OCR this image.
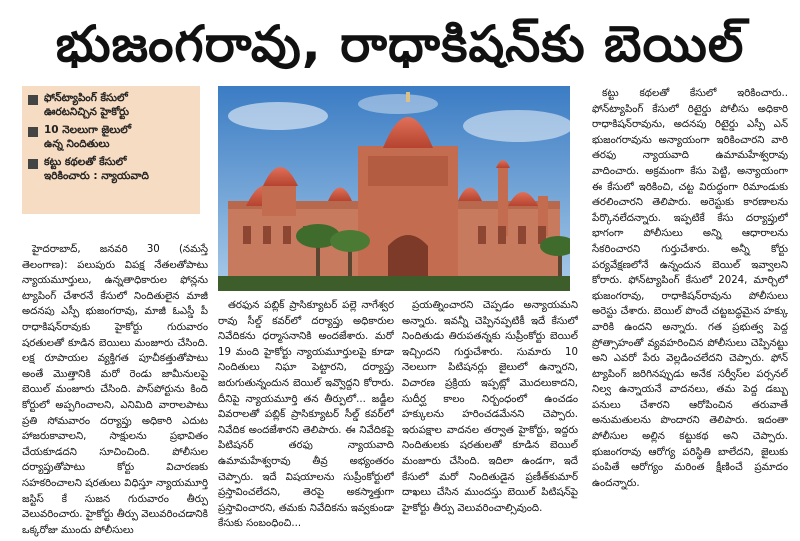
భుజంగరావు, రాధాకిషన్‌కు బెయిల్‌
ఫోన్‌ట్యాపింగ్‌ కేసులో
ఊరటనిచ్చిన హైకోర్టు
10 నెలలుగా జైలులో
ఉన్న నిందితులు
కట్టు కథలతో కేసులో
ఇరికించారు : న్యాయవాది

హైదరాబాద్‌, జనవరి 30 (నమస్తే తెలంగాణ): పలుపురు విపక్ష నేతలతోపాటు న్యాయమూర్తులు, ఉన్నతాధికారుల ఫోన్లను ట్యాపింగ్‌ చేశారనే కేసులో నిందితులైన మాజీ అదనపు ఎస్పీ భుజంగరావు, మాజీ ఓఎస్డీ పీ రాధాకిషన్‌రావుకు హైకోర్టు గురువారం షరతులతో కూడిన బెయిలు మంజూరు చేసింది. లక్ష రూపాయల వ్యక్తిగత పూచీకత్తుతోపాటు అంతే మొత్తానికి మరో రెండు జామీనులపై బెయిల్‌ మంజూరు చేసింది. పాస్‌పోర్టును కింది కోర్టులో అప్పగించాలని, ఎనిమిది వారాలపాటు ప్రతి సోమవారం దర్యాప్తు అధికారి ఎదుట హాజరుకావాలని, సాక్షులను ప్రభావితం చేయకూడదని సూచించింది. పోలీసుల దర్యాప్తుతోపాటు కోర్టు విచారణకు సహకరించాలని షరతులు విధిస్తూ న్యాయమూర్తి జస్టిస్‌ కే సుజన గురువారం తీర్పు వెలువరించారు. హైకోర్టు తీర్పు వెలువరించడానికి ఒక్కరోజు ముందు పోలీసులు

తరఫున పబ్లిక్‌ ప్రాసిక్యూటర్‌ పల్లె నాగేశ్వర రావు సీల్డ్‌ కవర్‌లో దర్యాప్తు అధికారుల నివేదికను ధర్మాసనానికి అందజేశారు. మరో 19 మంది హైకోర్టు న్యాయమూర్తులపై కూడా నిందితులు నిఘా పెట్టారని, దర్యాప్తు జరుగుతున్నందున బెయిల్‌ ఇవ్వొద్దని కోరారు. దీనిపై న్యాయమూర్తి తన తీర్పులో... జడ్జీల వివరాలతో పబ్లిక్‌ ప్రాసిక్యూటర్‌ సీల్డ్‌ కవర్‌లో నివేదిక అందజేశారని తెలిపారు. ఈ నివేదికపై పిటిషనర్‌ తరఫు న్యాయవాది ఉమామహేశ్వరావు తీవ్ర అభ్యంతరం చెప్పారు. ఇదే విషయాలను సుప్రీంకోర్టులో ప్రస్తావించలేదని, తెరపై అకస్మాత్తుగా ప్రస్తావించారని, తమకు నివేదికను ఇవ్వకుండా కేసుకు సంబంధించి...

ప్రయత్నించారని చెప్పడం అన్యాయమని అన్నారు. ఇవన్నీ చెప్పినప్పటికీ ఇదే కేసులో నిందితుడు తిరుపతన్నకు సుప్రీంకోర్టు బెయిల్‌ ఇచ్చిందని గుర్తుచేశారు. సుమారు 10 నెలలుగా పిటిషనర్లు జైలులో ఉన్నారని, విచారణ ప్రక్రియ ఇప్పట్లో మొదలుకాదని, సుదీర్ఘ కాలం నిర్బంధంలో ఉంచడం హక్కులను హరించడమేనని చెప్పారు. ఇరుపక్షాల వాదనల తర్వాత హైకోర్టు, ఇద్దరు నిందితులకు షరతులతో కూడిన బెయిల్‌ మంజూరు చేసింది. ఇదిలా ఉండగా, ఇదే కేసులో మరో నిందితుడైన ప్రణీత్‌కుమార్‌ దాఖలు చేసిన ముందస్తు బెయిల్‌ పిటిషన్‌పై హైకోర్టు తీర్పు వెలువరించాల్సివుంది.

కట్టు కథలతో కేసులో ఇరికించారు.. ఫోన్‌ట్యాపింగ్‌ కేసులో రిటైర్డు పోలీసు అధికారి రాధాకిషన్‌రావును, అదనపు రిటైర్డు ఎస్పీ ఎన్‌ భుజంగరావును అన్యాయంగా ఇరికించారని వారి తరఫు న్యాయవాది ఉమామహేశ్వరావు వాదించారు. అక్రమంగా కేసు పెట్టి, అన్యాయంగా ఈ కేసులో ఇరికించి, చట్ట విరుద్ధంగా రిమాండుకు తరలించారని తెలిపారు. అరెస్టుకు కారణాలను పేర్కొనలేదన్నారు. ఇప్పటికే కేసు దర్యాప్తులో భాగంగా పోలీసులు అన్ని ఆధారాలను సేకరించారని గుర్తుచేశారు. అన్నీ కోర్టు పర్యవేక్షణలోనే ఉన్నందున బెయిల్‌ ఇవ్వాలని కోరారు. ఫోన్‌ట్యాపింగ్‌ కేసులో 2024, మార్చిలో భుజంగరావు, రాధాకిషన్‌రావును పోలీసులు అరెస్టు చేశారు. బెయిల్‌ పొందే చట్టబద్ధమైన హక్కు వారికి ఉందని అన్నారు. గత ప్రభుత్వ పెద్ద ప్రోత్సాహంతో వ్యవహరించిన పోలీసులు చెప్పినట్టు అని ఎవరో పేరు వెల్లడించలేదని చెప్పారు. ఫోన్‌ ట్యాపింగ్‌ జరిగినప్పుడు అనేక సర్వీస్‌ల పర్సనల్‌ నిల్వ ఉన్నాయనే వాదనలు, తమ పెద్ద డబ్బు పనులు చేశారని ఆరోపించిన తరువాతే అనుమతులను పొందారని తెలిపారు. ఇదంతా పోలీసుల అల్లిన కట్టుకథ అని చెప్పారు. భుజంగరావు ఆరోగ్య పరిస్థితి బాలేదని, జైలుకు పంపితే ఆరోగ్యం మరింత క్షీణించే ప్రమాదం ఉందన్నారు.
